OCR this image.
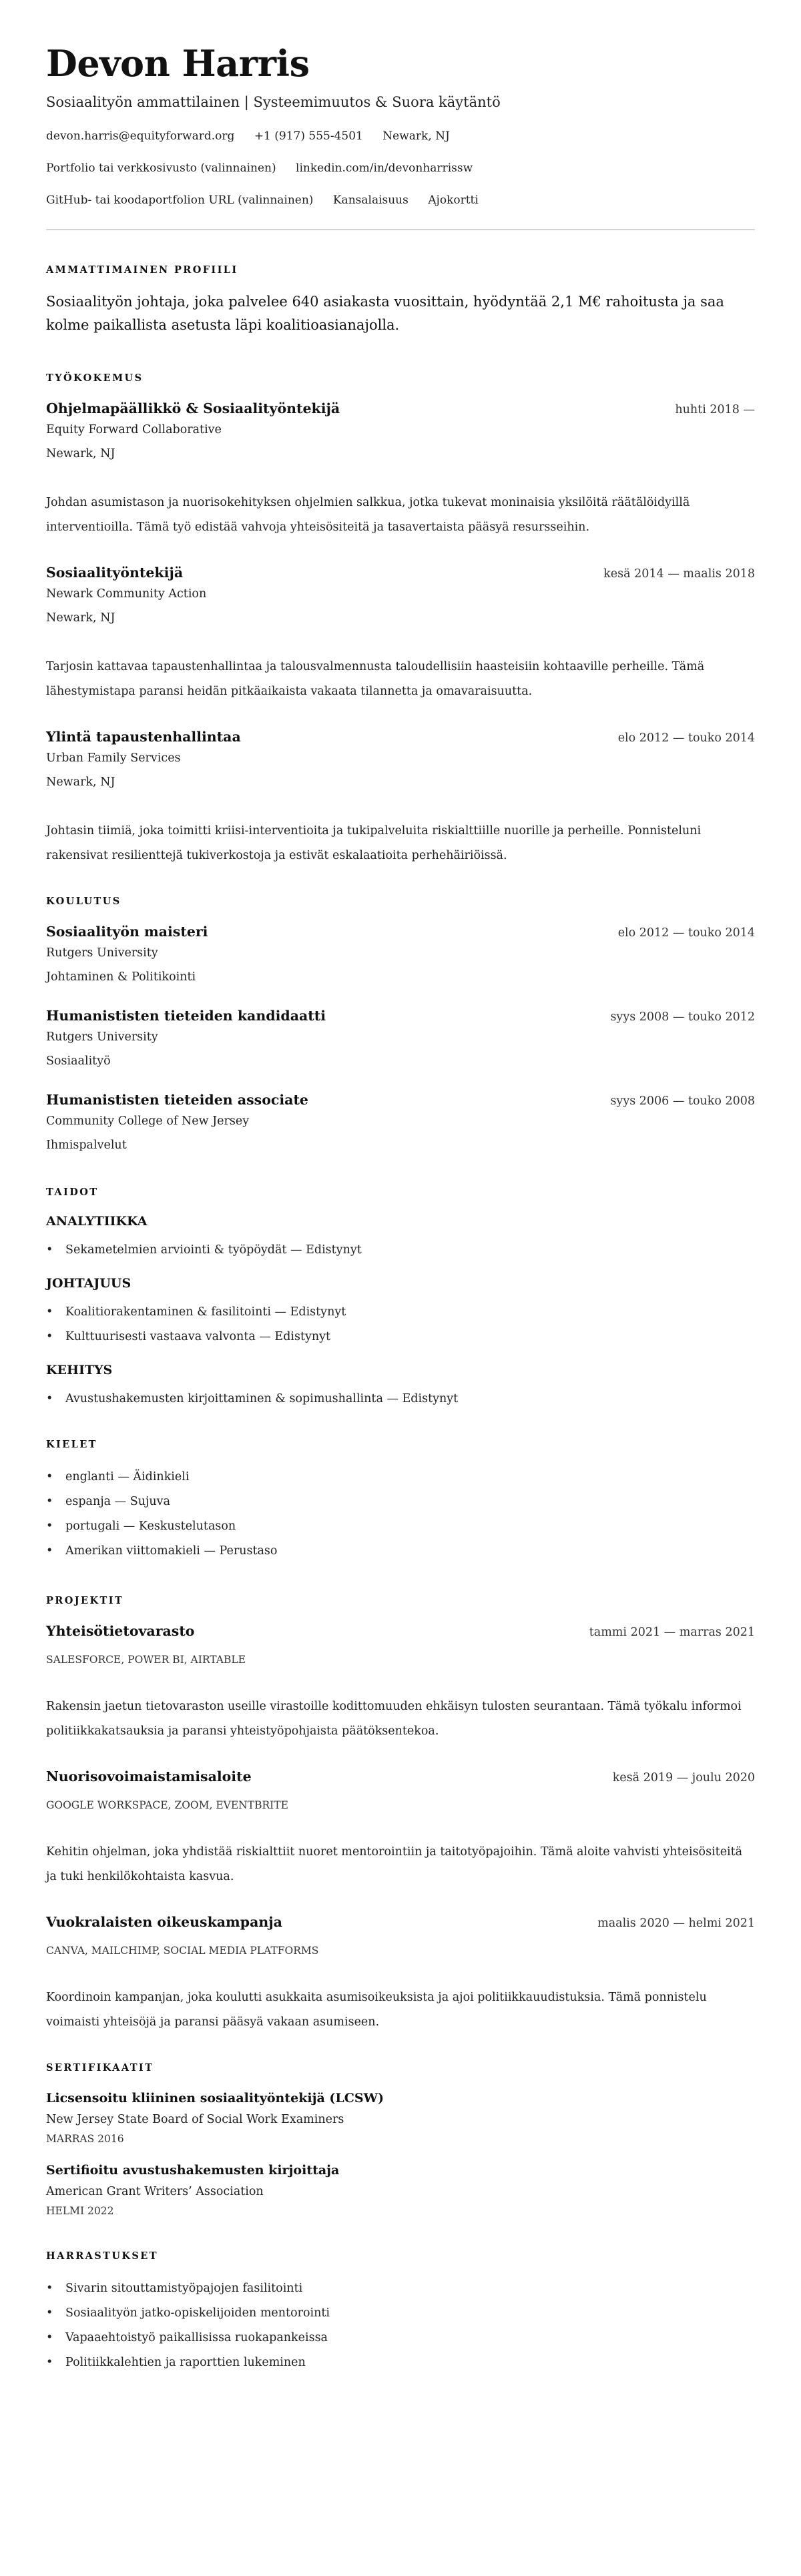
Devon Harris
Sosiaalityön ammattilainen | Systeemimuutos & Suora käytäntö
devon.harris@equityforward.org +1 (917) 555-4501 Newark, NJ
Portfolio tai verkkosivusto (valinnainen) linkedin.com/in/devonharrissw
GitHub- tai koodaportfolion URL (valinnainen) Kansalaisuus Ajokortti
AMMATTIMAINEN PROFIILI

Sosiaalityön johtaja, joka palvelee 640 asiakasta vuosittain, hyödyntää 2,1 M€ rahoitusta ja saa kolme paikallista asetusta läpi koalitioasianajolla.

TYÖKOKEMUS
Ohjelmapäällikkö & Sosiaalityöntekijä	huhti 2018 —
Equity Forward Collaborative
Newark, NJ
Johdan asumistason ja nuorisokehityksen ohjelmien salkkua, jotka tukevat moninaisia yksilöitä räätälöidyillä interventioilla. Tämä työ edistää vahvoja yhteisösiteitä ja tasavertaista pääsyä resursseihin.
Sosiaalityöntekijä	kesä 2014 — maalis 2018
Newark Community Action
Newark, NJ
Tarjosin kattavaa tapaustenhallintaa ja talousvalmennusta taloudellisiin haasteisiin kohtaaville perheille. Tämä lähestymistapa paransi heidän pitkäaikaista vakaata tilannetta ja omavaraisuutta.
Ylintä tapaustenhallintaa	elo 2012 — touko 2014
Urban Family Services
Newark, NJ
Johtasin tiimiä, joka toimitti kriisi-interventioita ja tukipalveluita riskialttiille nuorille ja perheille. Ponnisteluni rakensivat resilienttejä tukiverkostoja ja estivät eskalaatioita perhehäiriöissä.
KOULUTUS
Sosiaalityön maisteri	elo 2012 — touko 2014
Rutgers University
Johtaminen & Politikointi
Humanististen tieteiden kandidaatti	syys 2008 — touko 2012
Rutgers University
Sosiaalityö
Humanististen tieteiden associate	syys 2006 — touko 2008
Community College of New Jersey
Ihmispalvelut
TAIDOT
ANALYTIIKKA
• Sekametelmien arviointi & työpöydät — Edistynyt
JOHTAJUUS
• Koalitiorakentaminen & fasilitointi — Edistynyt
• Kulttuurisesti vastaava valvonta — Edistynyt
KEHITYS
• Avustushakemusten kirjoittaminen & sopimushallinta — Edistynyt
KIELET
• englanti — Äidinkieli
• espanja — Sujuva
• portugali — Keskustelutason
• Amerikan viittomakieli — Perustaso
PROJEKTIT
Yhteisötietovarasto	tammi 2021 — marras 2021
SALESFORCE, POWER BI, AIRTABLE
Rakensin jaetun tietovaraston useille virastoille kodittomuuden ehkäisyn tulosten seurantaan. Tämä työkalu informoi politiikkakatsauksia ja paransi yhteistyöpohjaista päätöksentekoa.
Nuorisovoimaistamisaloite	kesä 2019 — joulu 2020
GOOGLE WORKSPACE, ZOOM, EVENTBRITE
Kehitin ohjelman, joka yhdistää riskialttiit nuoret mentorointiin ja taitotyöpajoihin. Tämä aloite vahvisti yhteisösiteitä ja tuki henkilökohtaista kasvua.
Vuokralaisten oikeuskampanja	maalis 2020 — helmi 2021
CANVA, MAILCHIMP, SOCIAL MEDIA PLATFORMS
Koordinoin kampanjan, joka koulutti asukkaita asumisoikeuksista ja ajoi politiikkauudistuksia. Tämä ponnistelu voimaisti yhteisöjä ja paransi pääsyä vakaan asumiseen.
SERTIFIKAATIT
Licsensoitu kliininen sosiaalityöntekijä (LCSW)
New Jersey State Board of Social Work Examiners
MARRAS 2016
Sertifioitu avustushakemusten kirjoittaja
American Grant Writers’ Association
HELMI 2022
HARRASTUKSET
• Sivarin sitouttamistyöpajojen fasilitointi
• Sosiaalityön jatko-opiskelijoiden mentorointi
• Vapaaehtoistyö paikallisissa ruokapankeissa
• Politiikkalehtien ja raporttien lukeminen
